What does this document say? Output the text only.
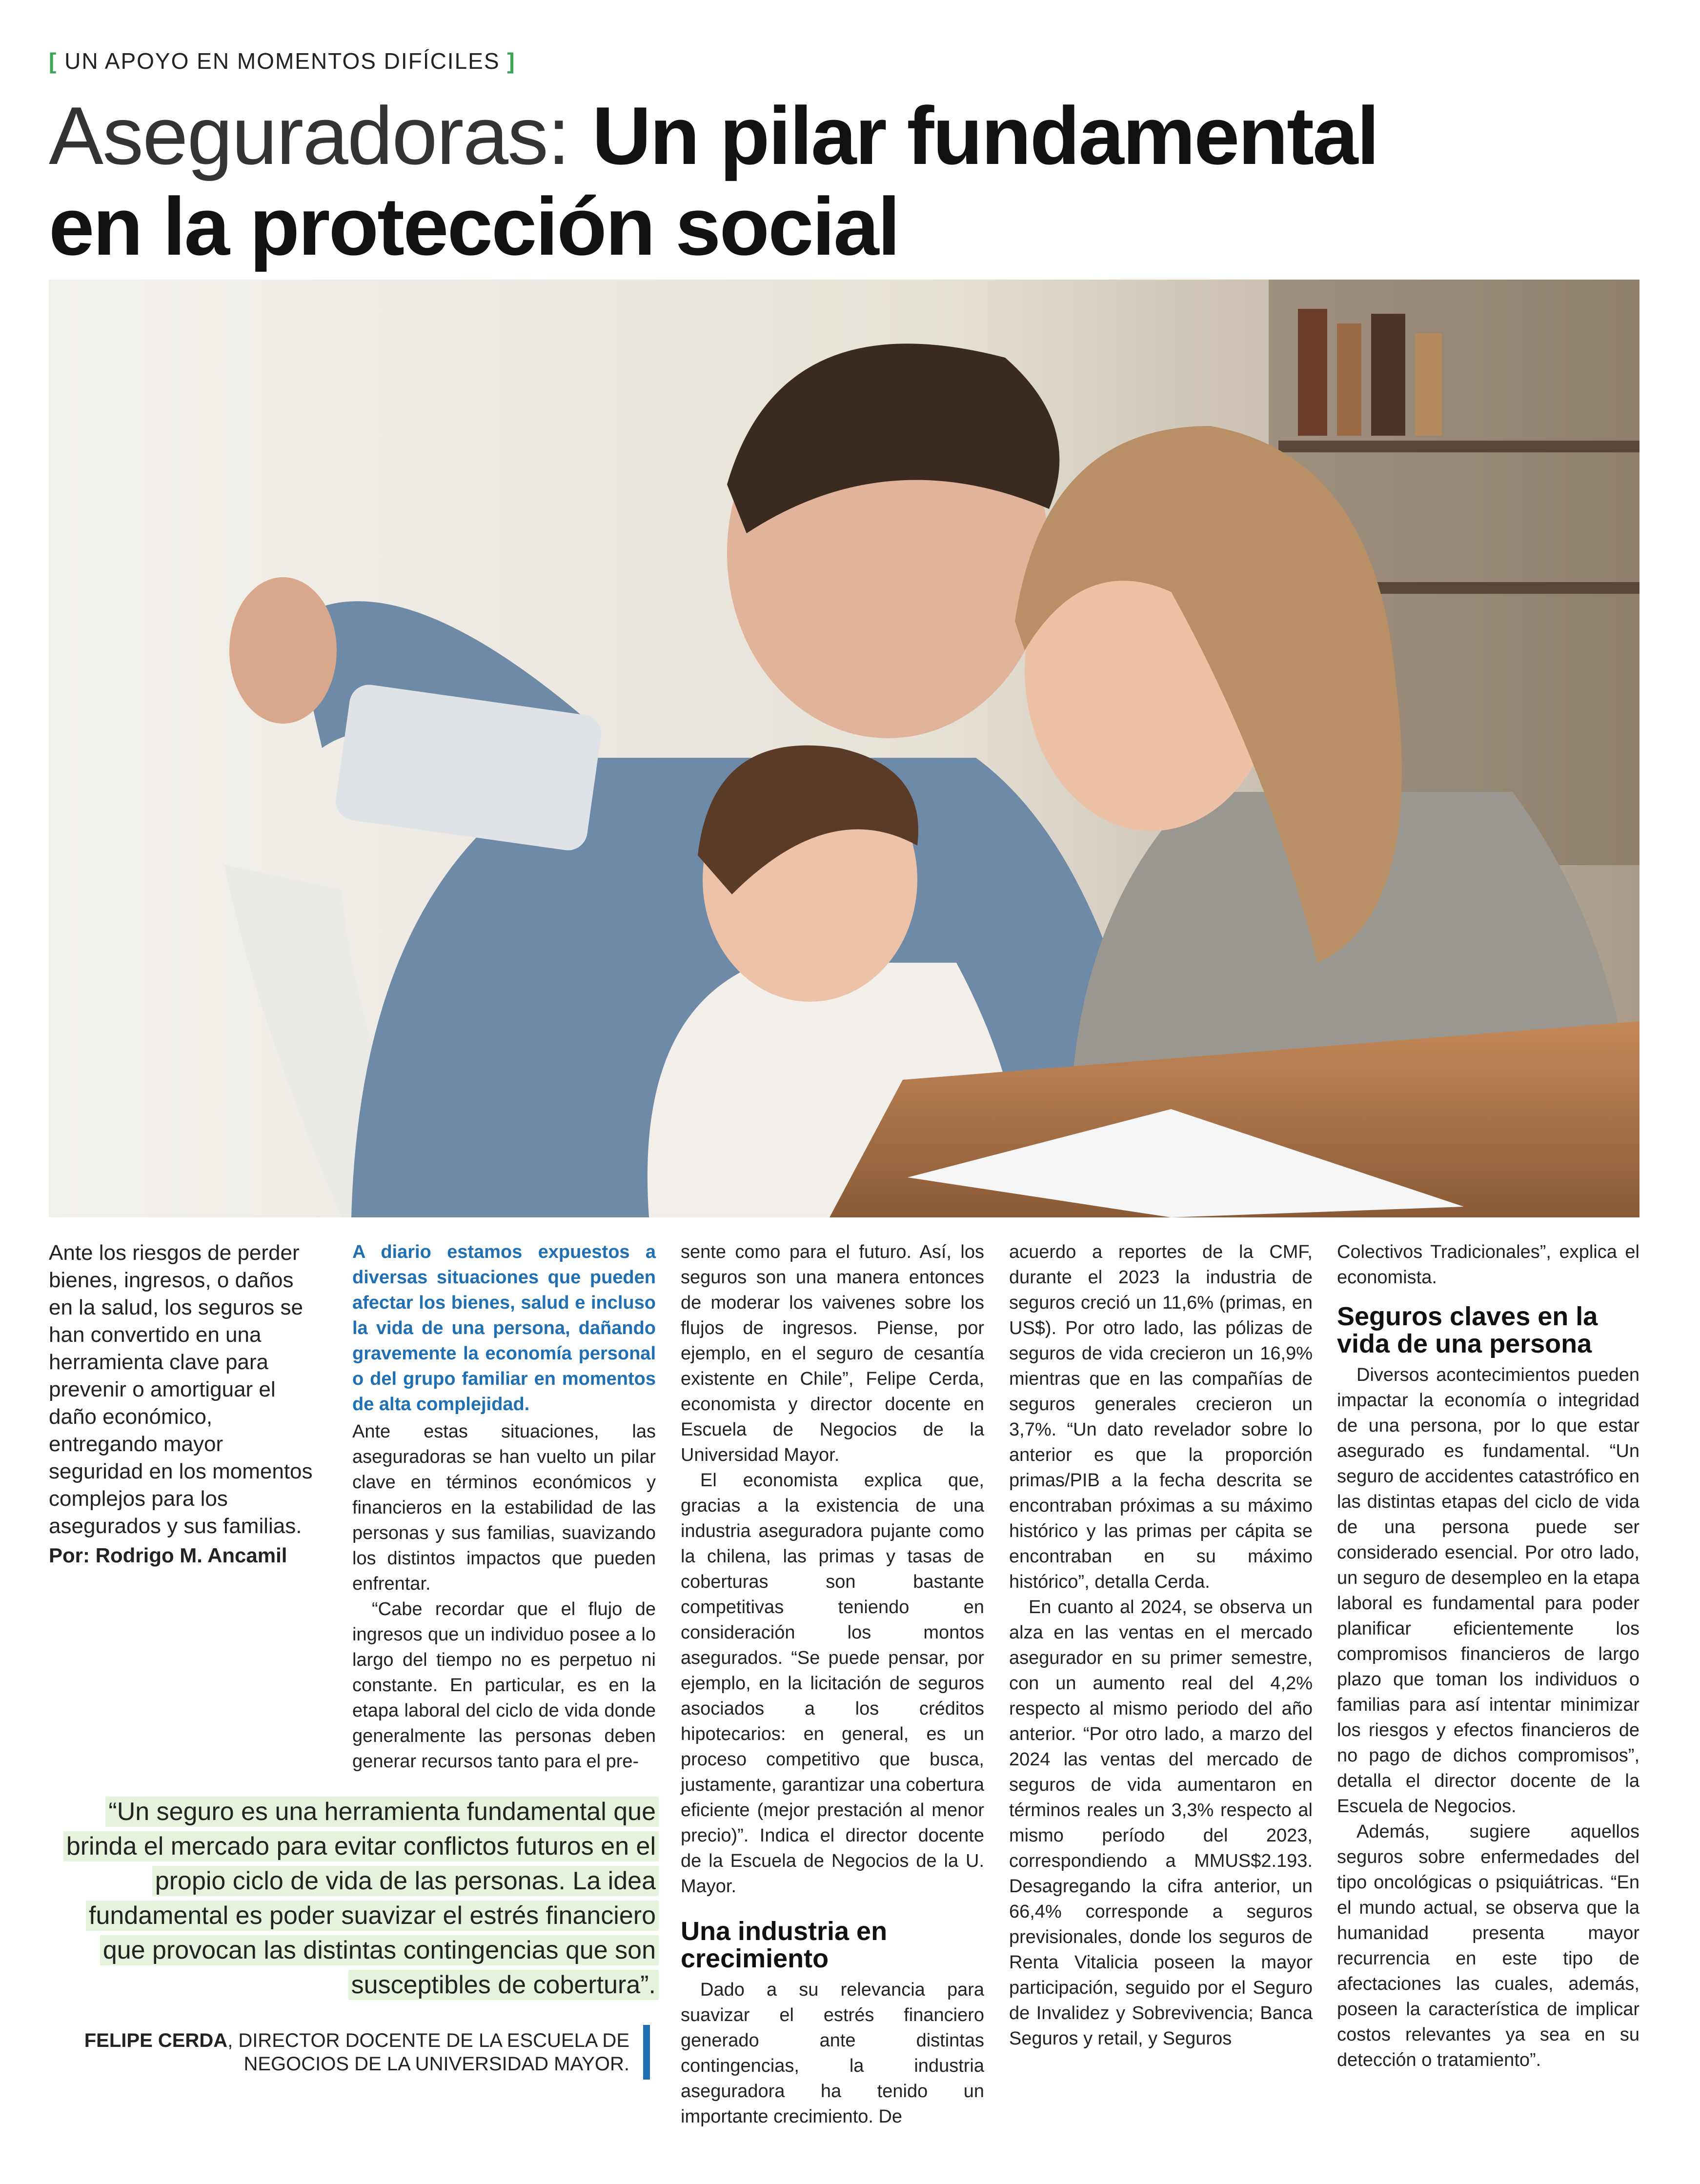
[ UN APOYO EN MOMENTOS DIFÍCILES ]
Aseguradoras: Un pilar fundamental
en la protección social

Ante los riesgos de perder bienes, ingresos, o daños en la salud, los seguros se han convertido en una herramienta clave para prevenir o amortiguar el daño económico, entregando mayor seguridad en los momentos complejos para los asegurados y sus familias.

Por: Rodrigo M. Ancamil

A diario estamos expuestos a diversas situaciones que pueden afectar los bienes, salud e incluso la vida de una persona, dañando gravemente la economía personal o del grupo familiar en momentos de alta complejidad.

Ante estas situaciones, las aseguradoras se han vuelto un pilar clave en términos económicos y financieros en la estabilidad de las personas y sus familias, suavizando los distintos impactos que pueden enfrentar.

“Cabe recordar que el flujo de ingresos que un individuo posee a lo largo del tiempo no es perpetuo ni constante. En particular, es en la etapa laboral del ciclo de vida donde generalmente las personas deben generar recursos tanto para el pre-

sente como para el futuro. Así, los seguros son una manera entonces de moderar los vaivenes sobre los flujos de ingresos. Piense, por ejemplo, en el seguro de cesantía existente en Chile”, Felipe Cerda, economista y director docente en Escuela de Negocios de la Universidad Mayor.

El economista explica que, gracias a la existencia de una industria aseguradora pujante como la chilena, las primas y tasas de coberturas son bastante competitivas teniendo en consideración los montos asegurados. “Se puede pensar, por ejemplo, en la licitación de seguros asociados a los créditos hipotecarios: en general, es un proceso competitivo que busca, justamente, garantizar una cobertura eficiente (mejor prestación al menor precio)”. Indica el director docente de la Escuela de Negocios de la U. Mayor.

Una industria en crecimiento

Dado a su relevancia para suavizar el estrés financiero generado ante distintas contingencias, la industria aseguradora ha tenido un importante crecimiento. De

acuerdo a reportes de la CMF, durante el 2023 la industria de seguros creció un 11,6% (primas, en US$). Por otro lado, las pólizas de seguros de vida crecieron un 16,9% mientras que en las compañías de seguros generales crecieron un 3,7%. “Un dato revelador sobre lo anterior es que la proporción primas/PIB a la fecha descrita se encontraban próximas a su máximo histórico y las primas per cápita se encontraban en su máximo histórico”, detalla Cerda.

En cuanto al 2024, se observa un alza en las ventas en el mercado asegurador en su primer semestre, con un aumento real del 4,2% respecto al mismo periodo del año anterior. “Por otro lado, a marzo del 2024 las ventas del mercado de seguros de vida aumentaron en términos reales un 3,3% respecto al mismo período del 2023, correspondiendo a MMUS$2.193. Desagregando la cifra anterior, un 66,4% corresponde a seguros previsionales, donde los seguros de Renta Vitalicia poseen la mayor participación, seguido por el Seguro de Invalidez y Sobrevivencia; Banca Seguros y retail, y Seguros

Colectivos Tradicionales”, explica el economista.

Seguros claves en la vida de una persona

Diversos acontecimientos pueden impactar la economía o integridad de una persona, por lo que estar asegurado es fundamental. “Un seguro de accidentes catastrófico en las distintas etapas del ciclo de vida de una persona puede ser considerado esencial. Por otro lado, un seguro de desempleo en la etapa laboral es fundamental para poder planificar eficientemente los compromisos financieros de largo plazo que toman los individuos o familias para así intentar minimizar los riesgos y efectos financieros de no pago de dichos compromisos”, detalla el director docente de la Escuela de Negocios.

Además, sugiere aquellos seguros sobre enfermedades del tipo oncológicas o psiquiátricas. “En el mundo actual, se observa que la humanidad presenta mayor recurrencia en este tipo de afectaciones las cuales, además, poseen la característica de implicar costos relevantes ya sea en su detección o tratamiento”.

“Un seguro es una herramienta fundamental que brinda el mercado para evitar conflictos futuros en el propio ciclo de vida de las personas. La idea fundamental es poder suavizar el estrés financiero que provocan las distintas contingencias que son susceptibles de cobertura”.
FELIPE CERDA, DIRECTOR DOCENTE DE LA ESCUELA DE NEGOCIOS DE LA UNIVERSIDAD MAYOR.
